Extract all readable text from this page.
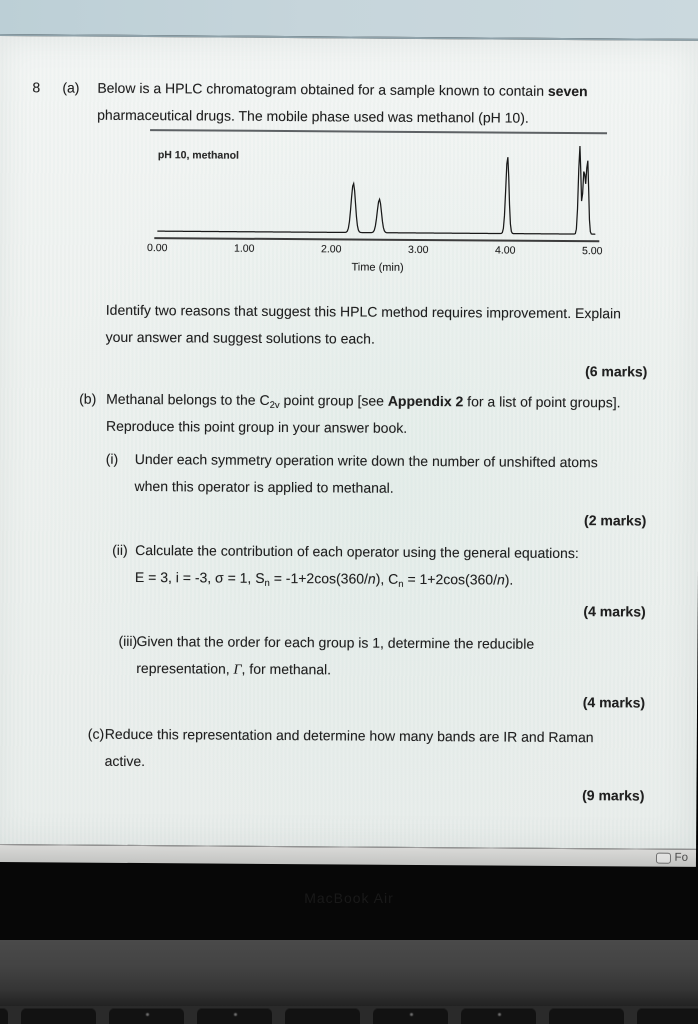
8 (a)	Below is a HPLC chromatogram obtained for a sample known to contain seven
pharmaceutical drugs. The mobile phase used was methanol (pH 10).
pH 10, methanol
0.00	1.00	2.00	3.00	4.00	5.00
Time (min)
Identify two reasons that suggest this HPLC method requires improvement. Explain
your answer and suggest solutions to each.
(6 marks)
(b) Methanal belongs to the $C_{2v}$ point group [see Appendix 2 for a list of point groups].
Reproduce this point group in your answer book.
(i)	Under each symmetry operation write down the number of unshifted atoms
when this operator is applied to methanal.
(2 marks)
(ii) Calculate the contribution of each operator using the general equations:
E = 3, i = -3, σ = 1, $S_n = -1+2\cos(360/n)$, $C_n = 1+2\cos(360/n)$.
(4 marks)
(iii) Given that the order for each group is 1, determine the reducible
representation, Γ, for methanal.
(4 marks)
(c) Reduce this representation and determine how many bands are IR and Raman
active.
(9 marks)
Fo
MacBook Air
